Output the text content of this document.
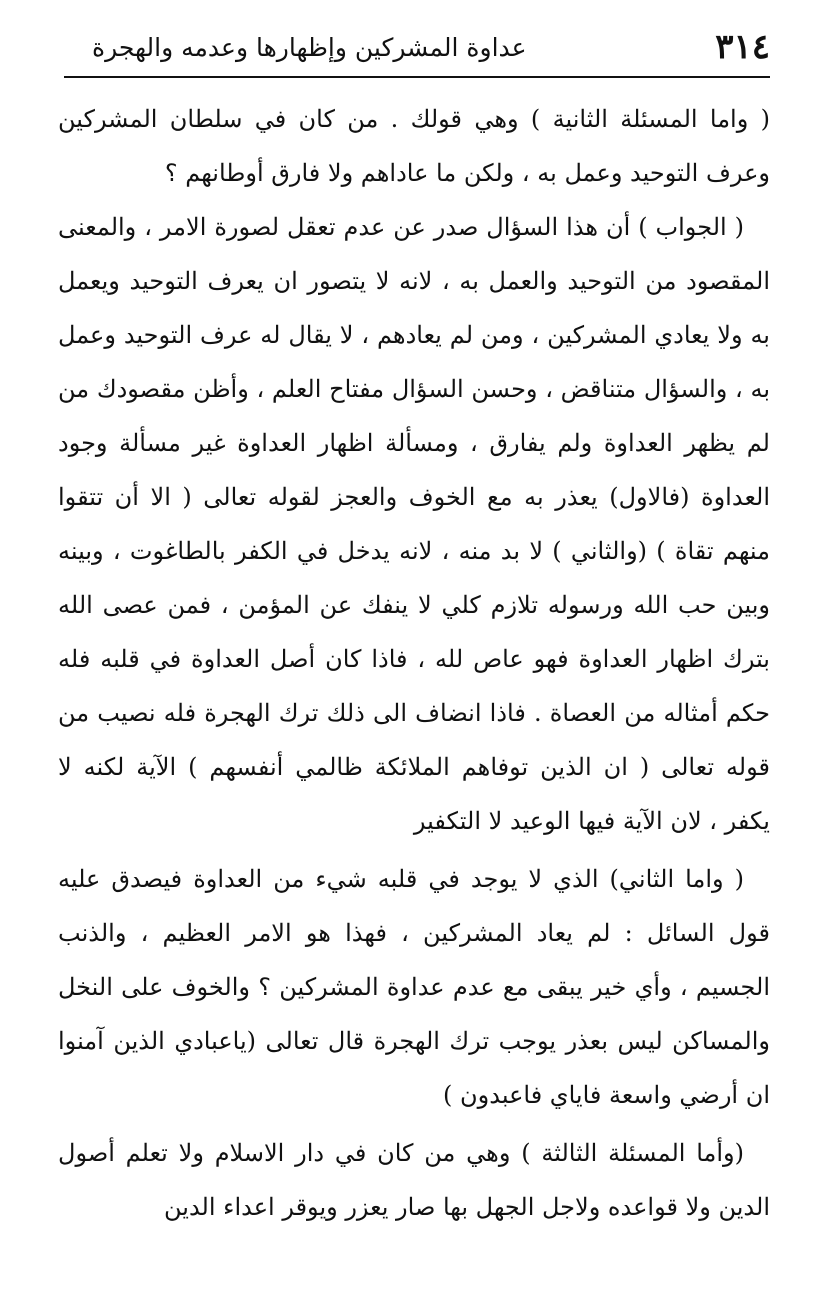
٣١٤
عداوة المشركين وإظهارها وعدمه والهجرة

( واما المسئلة الثانية ) وهي قولك . من كان في سلطان المشركين وعرف التوحيد وعمل به ، ولكن ما عاداهم ولا فارق أوطانهم ؟

( الجواب ) أن هذا السؤال صدر عن عدم تعقل لصورة الامر ، والمعنى المقصود من التوحيد والعمل به ، لانه لا يتصور ان يعرف التوحيد ويعمل به ولا يعادي المشركين ، ومن لم يعادهم ، لا يقال له عرف التوحيد وعمل به ، والسؤال متناقض ، وحسن السؤال مفتاح العلم ، وأظن مقصودك من لم يظهر العداوة ولم يفارق ، ومسألة اظهار العداوة غير مسألة وجود العداوة (فالاول) يعذر به مع الخوف والعجز لقوله تعالى ( الا أن تتقوا منهم تقاة ) (والثاني ) لا بد منه ، لانه يدخل في الكفر بالطاغوت ، وبينه وبين حب الله ورسوله تلازم كلي لا ينفك عن المؤمن ، فمن عصى الله بترك اظهار العداوة فهو عاص لله ، فاذا كان أصل العداوة في قلبه فله حكم أمثاله من العصاة . فاذا انضاف الى ذلك ترك الهجرة فله نصيب من قوله تعالى ( ان الذين توفاهم الملائكة ظالمي أنفسهم ) الآية لكنه لا يكفر ، لان الآية فيها الوعيد لا التكفير

( واما الثاني) الذي لا يوجد في قلبه شيء من العداوة فيصدق عليه قول السائل : لم يعاد المشركين ، فهذا هو الامر العظيم ، والذنب الجسيم ، وأي خير يبقى مع عدم عداوة المشركين ؟ والخوف على النخل والمساكن ليس بعذر يوجب ترك الهجرة قال تعالى (ياعبادي الذين آمنوا ان أرضي واسعة فاياي فاعبدون )

(وأما المسئلة الثالثة ) وهي من كان في دار الاسلام ولا تعلم أصول الدين ولا قواعده ولاجل الجهل بها صار يعزر ويوقر اعداء الدين
